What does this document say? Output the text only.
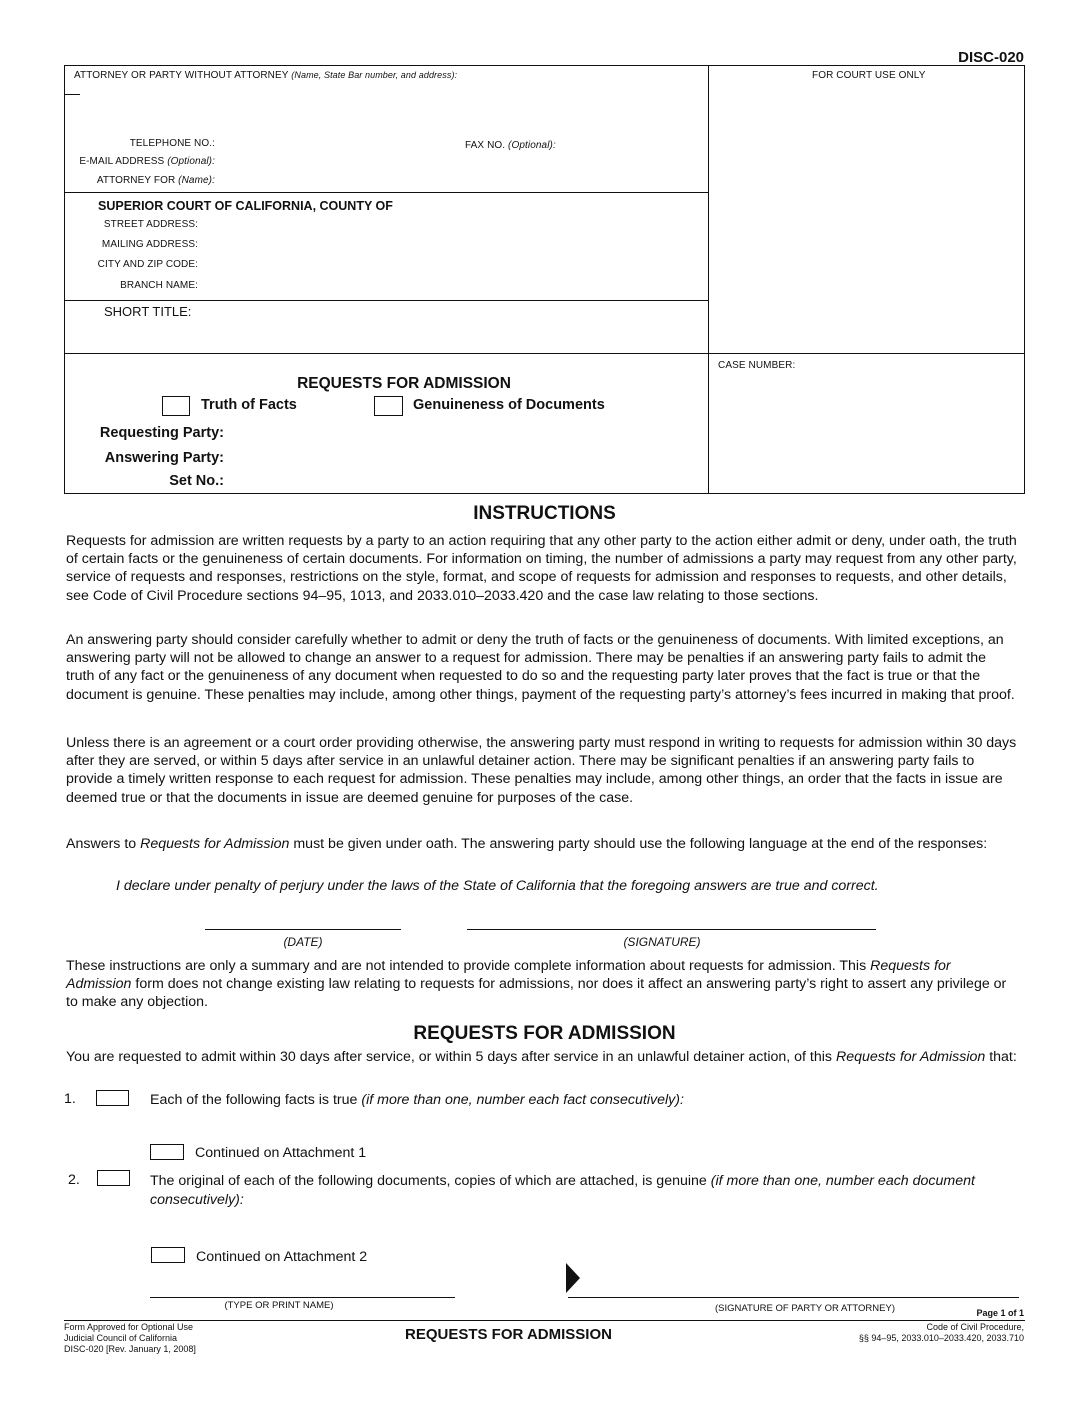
DISC-020
ATTORNEY OR PARTY WITHOUT ATTORNEY (Name, State Bar number, and address):	FOR COURT USE ONLY
TELEPHONE NO.:	FAX NO. (Optional):
E-MAIL ADDRESS (Optional):
ATTORNEY FOR (Name):
SUPERIOR COURT OF CALIFORNIA, COUNTY OF
STREET ADDRESS:
MAILING ADDRESS:
CITY AND ZIP CODE:
BRANCH NAME:
SHORT TITLE:
CASE NUMBER:
REQUESTS FOR ADMISSION
Truth of Facts	Genuineness of Documents
Requesting Party:
Answering Party:
Set No.:
INSTRUCTIONS

Requests for admission are written requests by a party to an action requiring that any other party to the action either admit or deny, under oath, the truth of certain facts or the genuineness of certain documents. For information on timing, the number of admissions a party may request from any other party, service of requests and responses, restrictions on the style, format, and scope of requests for admission and responses to requests, and other details, see Code of Civil Procedure sections 94–95, 1013, and 2033.010–2033.420 and the case law relating to those sections.

An answering party should consider carefully whether to admit or deny the truth of facts or the genuineness of documents. With limited exceptions, an answering party will not be allowed to change an answer to a request for admission. There may be penalties if an answering party fails to admit the truth of any fact or the genuineness of any document when requested to do so and the requesting party later proves that the fact is true or that the document is genuine. These penalties may include, among other things, payment of the requesting party’s attorney’s fees incurred in making that proof.

Unless there is an agreement or a court order providing otherwise, the answering party must respond in writing to requests for admission within 30 days after they are served, or within 5 days after service in an unlawful detainer action. There may be significant penalties if an answering party fails to provide a timely written response to each request for admission. These penalties may include, among other things, an order that the facts in issue are deemed true or that the documents in issue are deemed genuine for purposes of the case.

Answers to Requests for Admission must be given under oath. The answering party should use the following language at the end of the responses:

I declare under penalty of perjury under the laws of the State of California that the foregoing answers are true and correct.
(DATE)	(SIGNATURE)

These instructions are only a summary and are not intended to provide complete information about requests for admission. This Requests for Admission form does not change existing law relating to requests for admissions, nor does it affect an answering party’s right to assert any privilege or to make any objection.

REQUESTS FOR ADMISSION

You are requested to admit within 30 days after service, or within 5 days after service in an unlawful detainer action, of this Requests for Admission that:

1.	Each of the following facts is true (if more than one, number each fact consecutively):
Continued on Attachment 1
2.	The original of each of the following documents, copies of which are attached, is genuine (if more than one, number each document consecutively):
Continued on Attachment 2
(TYPE OR PRINT NAME)	(SIGNATURE OF PARTY OR ATTORNEY)	Page 1 of 1
Form Approved for Optional Use
Judicial Council of California
DISC-020 [Rev. January 1, 2008]
REQUESTS FOR ADMISSION	Code of Civil Procedure,
§§ 94–95, 2033.010–2033.420, 2033.710
